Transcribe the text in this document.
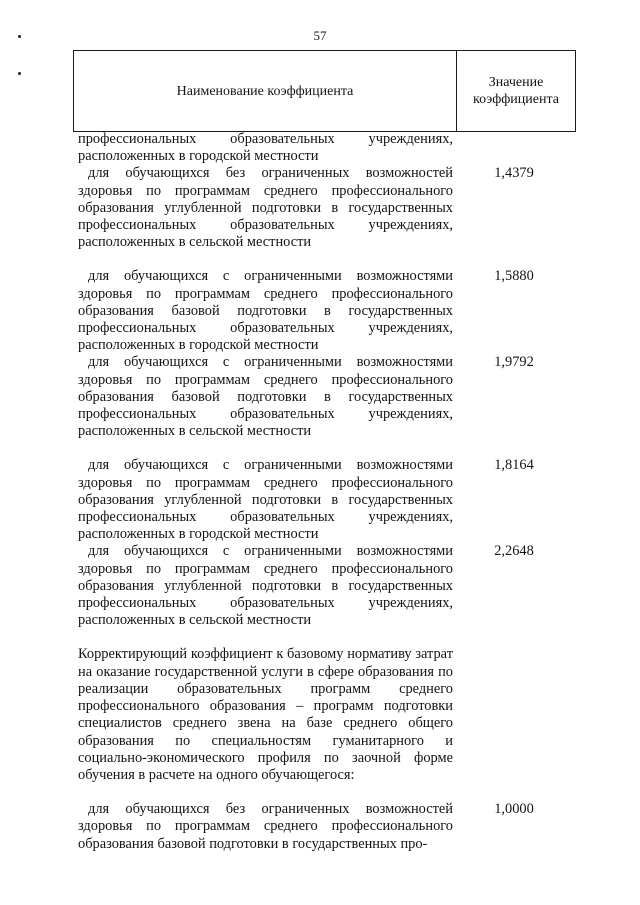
57
Наименование коэффициента	Значение
коэффициента
профессиональных образовательных учреждениях, расположенных в городской местности
для обучающихся без ограниченных возможностей здоровья по программам среднего профессионального образования углубленной подготовки в государственных профессиональных образовательных учреждениях, расположенных в сельской местности
1,4379
для обучающихся с ограниченными возможностями здоровья по программам среднего профессионального образования базовой подготовки в государственных профессиональных образовательных учреждениях, расположенных в городской местности
1,5880
для обучающихся с ограниченными возможностями здоровья по программам среднего профессионального образования базовой подготовки в государственных профессиональных образовательных учреждениях, расположенных в сельской местности
1,9792
для обучающихся с ограниченными возможностями здоровья по программам среднего профессионального образования углубленной подготовки в государственных профессиональных образовательных учреждениях, расположенных в городской местности
1,8164
для обучающихся с ограниченными возможностями здоровья по программам среднего профессионального образования углубленной подготовки в государственных профессиональных образовательных учреждениях, расположенных в сельской местности
2,2648
Корректирующий коэффициент к базовому нормативу затрат на оказание государственной услуги в сфере образования по реализации образовательных программ среднего профессионального образования – программ подготовки специалистов среднего звена на базе среднего общего образования по специальностям гуманитарного и социально-экономического профиля по заочной форме обучения в расчете на одного обучающегося:
для обучающихся без ограниченных возможностей здоровья по программам среднего профессионального образования базовой подготовки в государственных про-
1,0000
